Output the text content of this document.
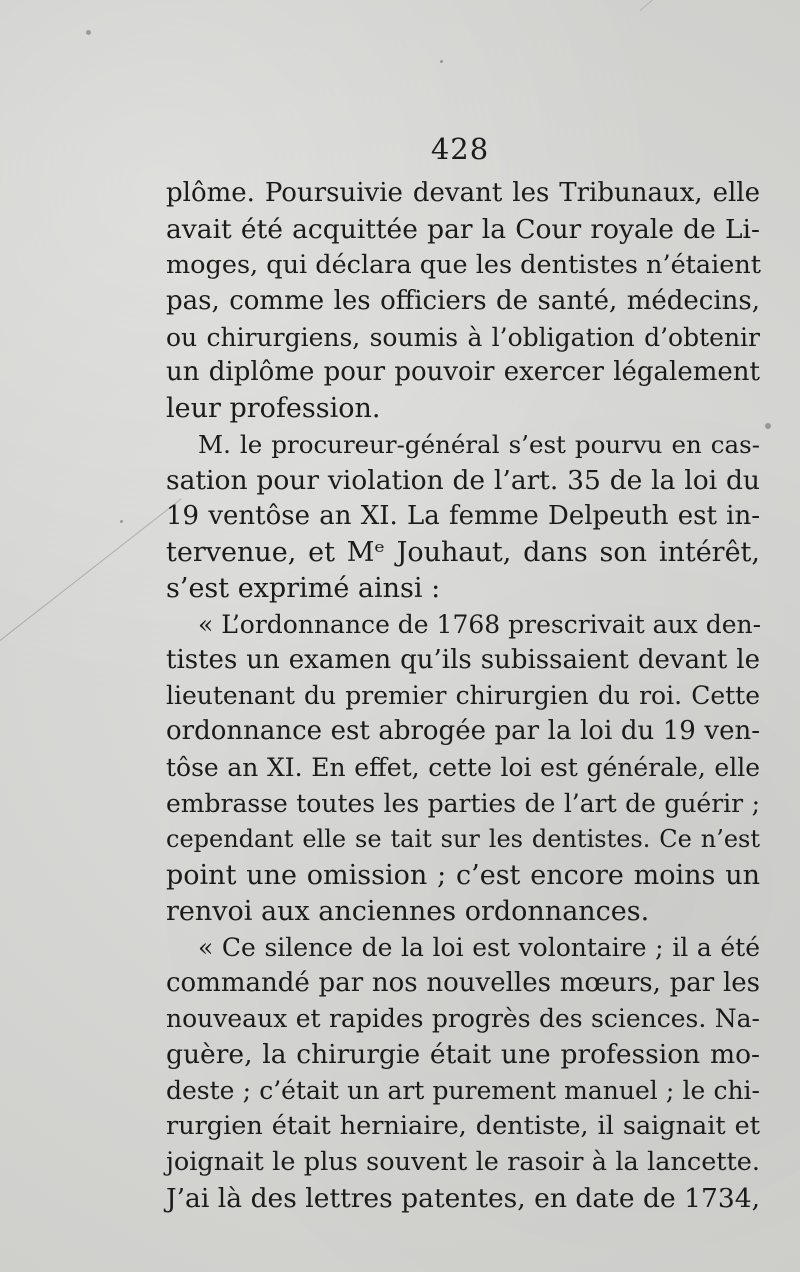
428
plôme. Poursuivie devant les Tribunaux, elle
avait été acquittée par la Cour royale de Li-
moges, qui déclara que les dentistes n’étaient
pas, comme les officiers de santé, médecins,
ou chirurgiens, soumis à l’obligation d’obtenir
un diplôme pour pouvoir exercer légalement
leur profession.
M. le procureur-général s’est pourvu en cas-
sation pour violation de l’art. 35 de la loi du
19 ventôse an XI. La femme Delpeuth est in-
tervenue, et Mᵉ Jouhaut, dans son intérêt,
s’est exprimé ainsi :
« L’ordonnance de 1768 prescrivait aux den-
tistes un examen qu’ils subissaient devant le
lieutenant du premier chirurgien du roi. Cette
ordonnance est abrogée par la loi du 19 ven-
tôse an XI. En effet, cette loi est générale, elle
embrasse toutes les parties de l’art de guérir ;
cependant elle se tait sur les dentistes. Ce n’est
point une omission ; c’est encore moins un
renvoi aux anciennes ordonnances.
« Ce silence de la loi est volontaire ; il a été
commandé par nos nouvelles mœurs, par les
nouveaux et rapides progrès des sciences. Na-
guère, la chirurgie était une profession mo-
deste ; c’était un art purement manuel ; le chi-
rurgien était herniaire, dentiste, il saignait et
joignait le plus souvent le rasoir à la lancette.
J’ai là des lettres patentes, en date de 1734,
